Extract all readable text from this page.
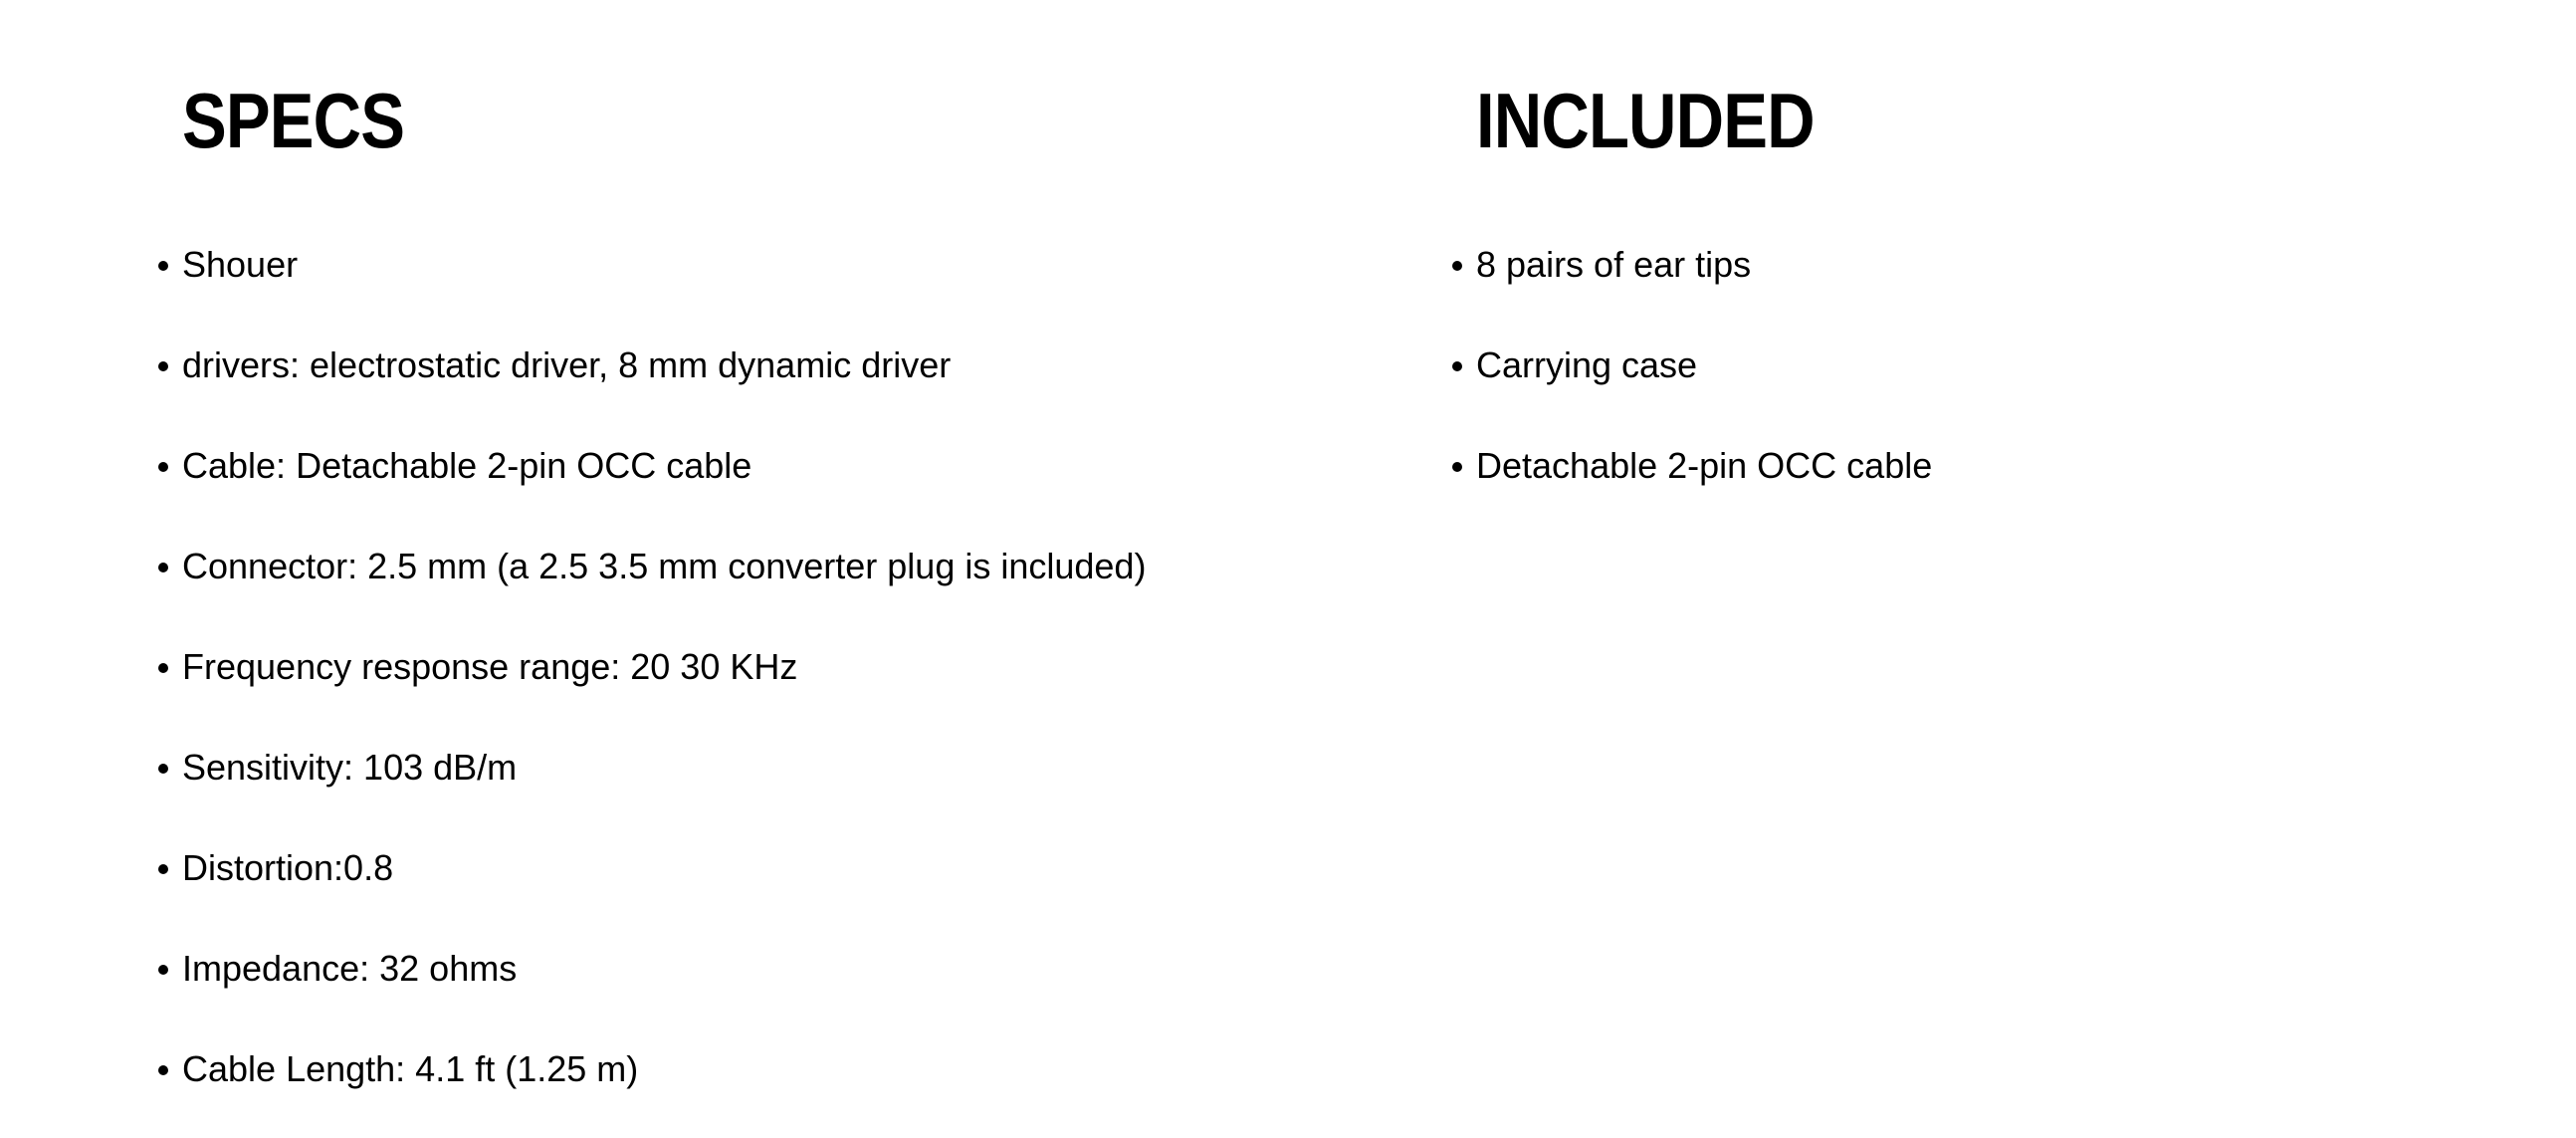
SPECS
Shouer
drivers: electrostatic driver, 8 mm dynamic driver
Cable: Detachable 2-pin OCC cable
Connector: 2.5 mm (a 2.5 3.5 mm converter plug is included)
Frequency response range: 20 30 KHz
Sensitivity: 103 dB/m
Distortion:0.8
Impedance: 32 ohms
Cable Length: 4.1 ft (1.25 m)
INCLUDED
8 pairs of ear tips
Carrying case
Detachable 2-pin OCC cable
